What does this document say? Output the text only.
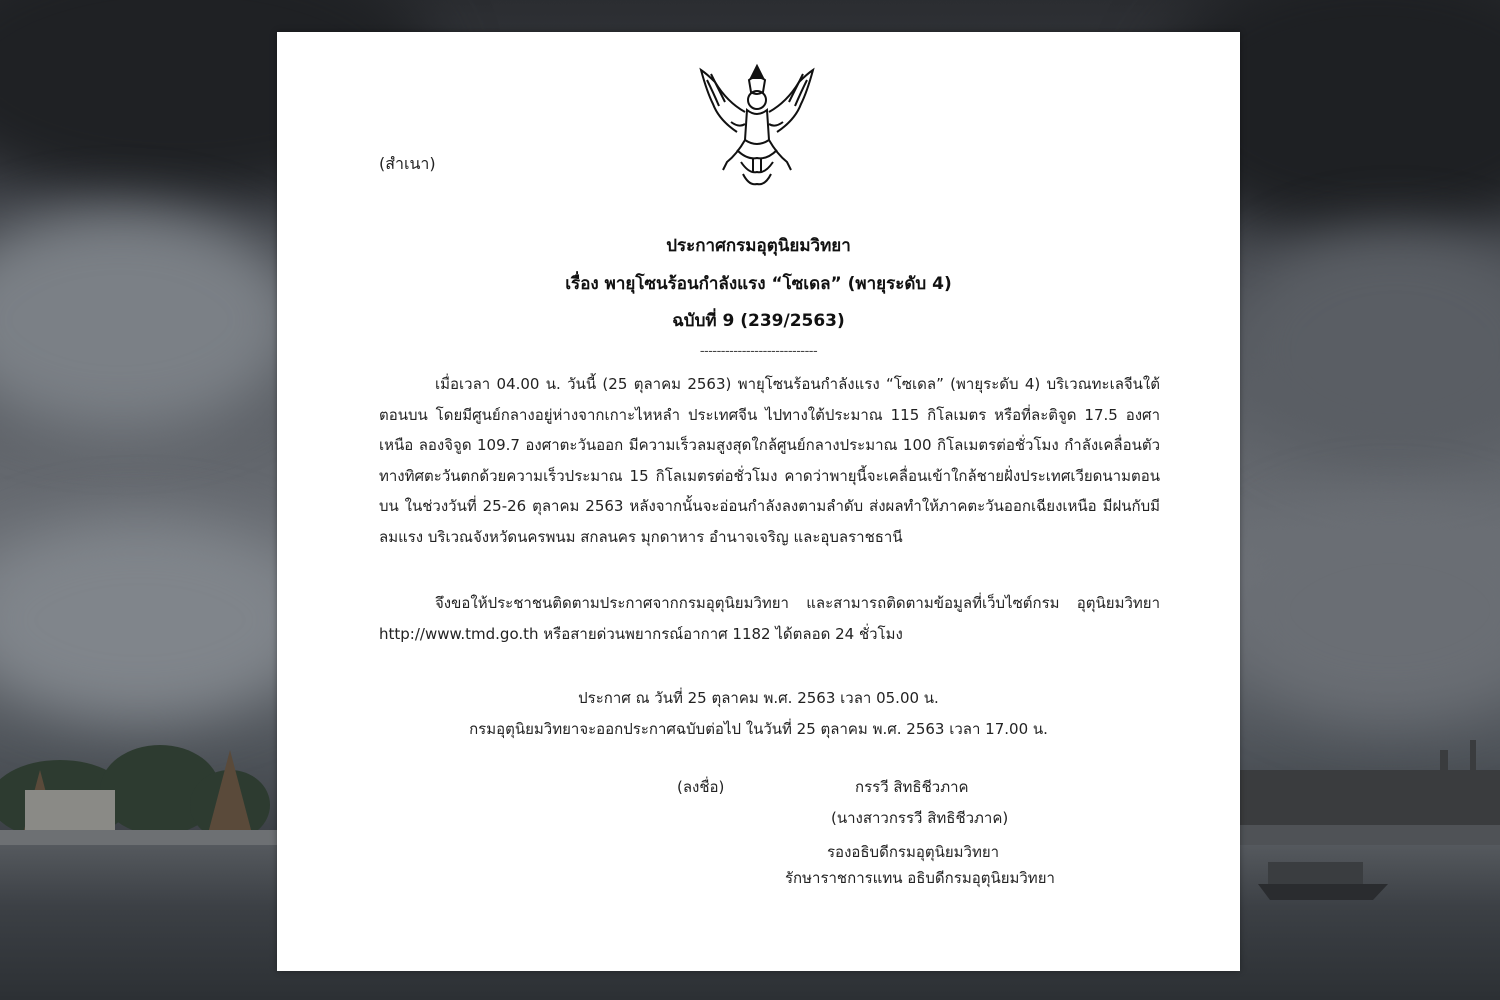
(สำเนา)
ประกาศกรมอุตุนิยมวิทยา
เรื่อง พายุโซนร้อนกำลังแรง “โซเดล” (พายุระดับ 4)
ฉบับที่ 9 (239/2563)
----------------------------
เมื่อเวลา 04.00 น. วันนี้ (25 ตุลาคม 2563) พายุโซนร้อนกำลังแรง “โซเดล” (พายุระดับ 4) บริเวณทะเลจีนใต้ตอนบน โดยมีศูนย์กลางอยู่ห่างจากเกาะไหหลำ ประเทศจีน ไปทางใต้ประมาณ 115 กิโลเมตร หรือที่ละติจูด 17.5 องศาเหนือ ลองจิจูด 109.7 องศาตะวันออก มีความเร็วลมสูงสุดใกล้ศูนย์กลางประมาณ 100 กิโลเมตรต่อชั่วโมง กำลังเคลื่อนตัวทางทิศตะวันตกด้วยความเร็วประมาณ 15 กิโลเมตรต่อชั่วโมง คาดว่าพายุนี้จะเคลื่อนเข้าใกล้ชายฝั่งประเทศเวียดนามตอนบน ในช่วงวันที่ 25-26 ตุลาคม 2563 หลังจากนั้นจะอ่อนกำลังลงตามลำดับ ส่งผลทำให้ภาคตะวันออกเฉียงเหนือ มีฝนกับมีลมแรง บริเวณจังหวัดนครพนม สกลนคร มุกดาหาร อำนาจเจริญ และอุบลราชธานี
จึงขอให้ประชาชนติดตามประกาศจากกรมอุตุนิยมวิทยา และสามารถติดตามข้อมูลที่เว็บไซต์กรม อุตุนิยมวิทยา http://www.tmd.go.th หรือสายด่วนพยากรณ์อากาศ 1182 ได้ตลอด 24 ชั่วโมง
ประกาศ ณ วันที่ 25 ตุลาคม พ.ศ. 2563 เวลา 05.00 น.
กรมอุตุนิยมวิทยาจะออกประกาศฉบับต่อไป ในวันที่ 25 ตุลาคม พ.ศ. 2563 เวลา 17.00 น.
(ลงชื่อ)	กรรวี สิทธิชีวภาค
(นางสาวกรรวี สิทธิชีวภาค)
รองอธิบดีกรมอุตุนิยมวิทยา
รักษาราชการแทน อธิบดีกรมอุตุนิยมวิทยา
